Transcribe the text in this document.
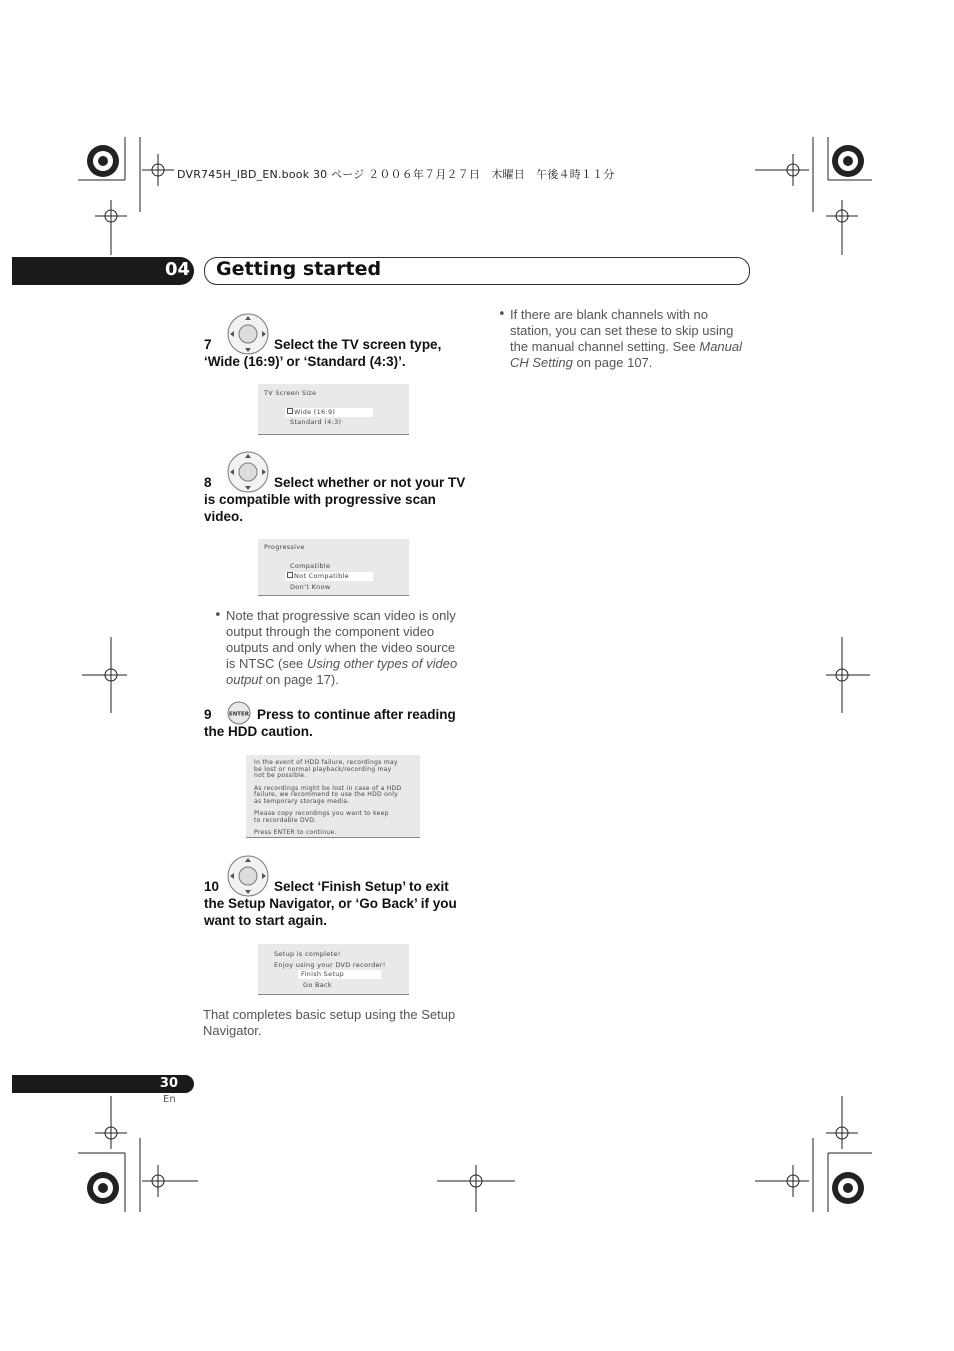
DVR745H_IBD_EN.book 30 ページ ２００６年７月２７日　木曜日　午後４時１１分
04 Getting started
7	Select the TV screen type, ‘Wide (16:9)’ or ‘Standard (4:3)’.
TV Screen Size
Wide (16:9)
Standard (4:3)
8	Select whether or not your TV is compatible with progressive scan video.
Progressive
Compatible
Not Compatible
Don’t Know
• Note that progressive scan video is only output through the component video outputs and only when the video source is NTSC (see Using other types of video output on page 17).
ENTER
9	Press to continue after reading the HDD caution.
In the event of HDD failure, recordings may
be lost or normal playback/recording may
not be possible.
As recordings might be lost in case of a HDD
failure, we recommend to use the HDD only
as temporary storage media.
Please copy recordings you want to keep
to recordable DVD.
Press ENTER to continue.
10	Select ‘Finish Setup’ to exit the Setup Navigator, or ‘Go Back’ if you want to start again.
Setup is complete!
Enjoy using your DVD recorder!
Finish Setup
Go Back
That completes basic setup using the Setup Navigator.
• If there are blank channels with no station, you can set these to skip using the manual channel setting. See Manual CH Setting on page 107.
30
En
